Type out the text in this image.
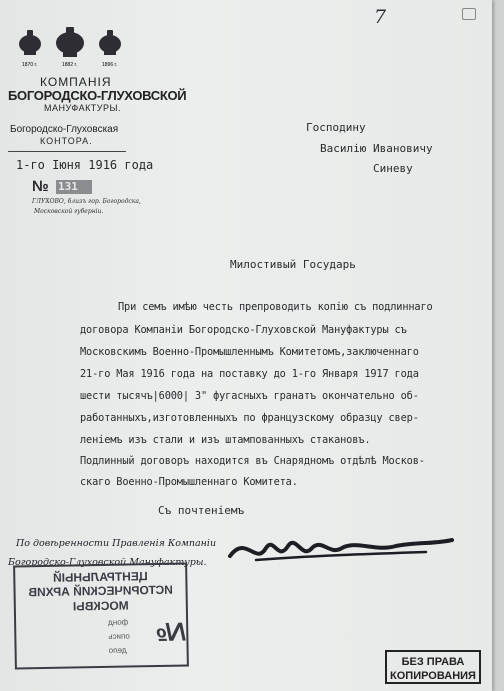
7
1870 г.	1882 г.	1896 г.
КОМПАНІЯ
БОГОРОДСКО-ГЛУХОВСКОЙ
МАНУФАКТУРЫ.
Богородско-Глуховская
КОНТОРА.
1-го Іюня 1916 года
№ 131
ГЛУХОВО, близъ гор. Богородска,
Московской губерніи.
Господину
Василію Ивановичу
Синеву
Милостивый Государь
При семъ имѣю честь препроводить копію съ подлиннаго
договора Компаніи Богородско-Глуховской Мануфактуры съ
Московскимъ Военно-Промышленнымъ Комитетомъ,заключеннаго
21-го Мая 1916 года на поставку до 1-го Января 1917 года
шести тысячъ|6000| 3" фугасныхъ гранатъ окончательно об-
работанныхъ,изготовленныхъ по французскому образцу свер-
леніемъ изъ стали и изъ штампованныхъ стакановъ.
Подлинный договоръ находится въ Снарядномъ отдѣлѣ Москов-
скаго Военно-Промышленнаго Комитета.
Съ почтеніемъ
По довѣренности Правленія Компаніи
Богородско-Глуховской Мануфактуры.
ЦЕНТРАЛЬНЫЙ
ИСТОРИЧЕСКИЙ АРХИВ
МОСКВЫ
фонд
опись
дело
№
БЕЗ ПРАВА
КОПИРОВАНИЯ
